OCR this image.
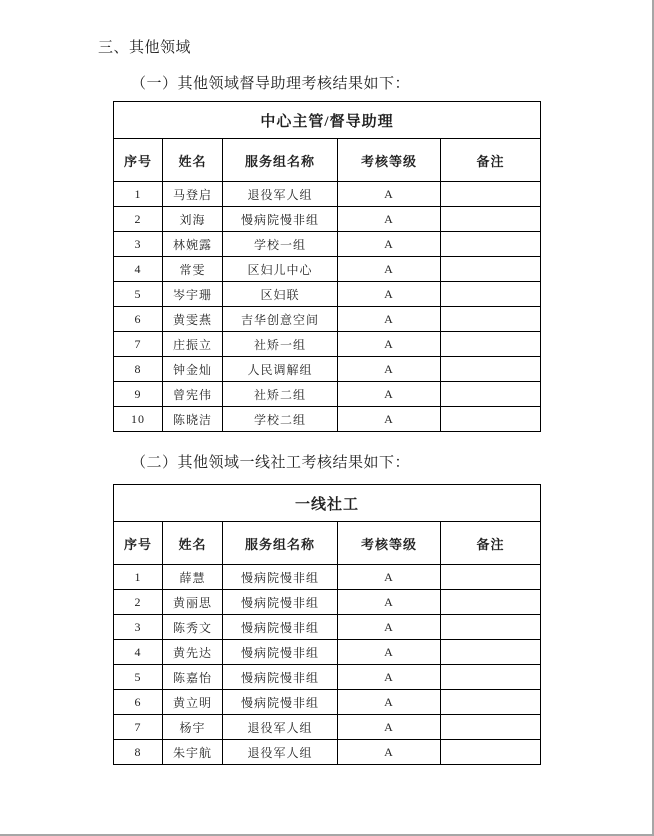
三、其他领域
（一）其他领域督导助理考核结果如下：
中心主管/督导助理				
序号	姓名	服务组名称	考核等级	备注
1	马登启	退役军人组	A	
2	刘海	慢病院慢非组	A	
3	林婉露	学校一组	A	
4	常雯	区妇儿中心	A	
5	岑宇珊	区妇联	A	
6	黄雯燕	吉华创意空间	A	
7	庄振立	社矫一组	A	
8	钟金灿	人民调解组	A	
9	曾宪伟	社矫二组	A	
10	陈晓洁	学校二组	A	
（二）其他领域一线社工考核结果如下：
一线社工				
序号	姓名	服务组名称	考核等级	备注
1	薛慧	慢病院慢非组	A	
2	黄丽思	慢病院慢非组	A	
3	陈秀文	慢病院慢非组	A	
4	黄先达	慢病院慢非组	A	
5	陈嘉怡	慢病院慢非组	A	
6	黄立明	慢病院慢非组	A	
7	杨宇	退役军人组	A	
8	朱宇航	退役军人组	A	
